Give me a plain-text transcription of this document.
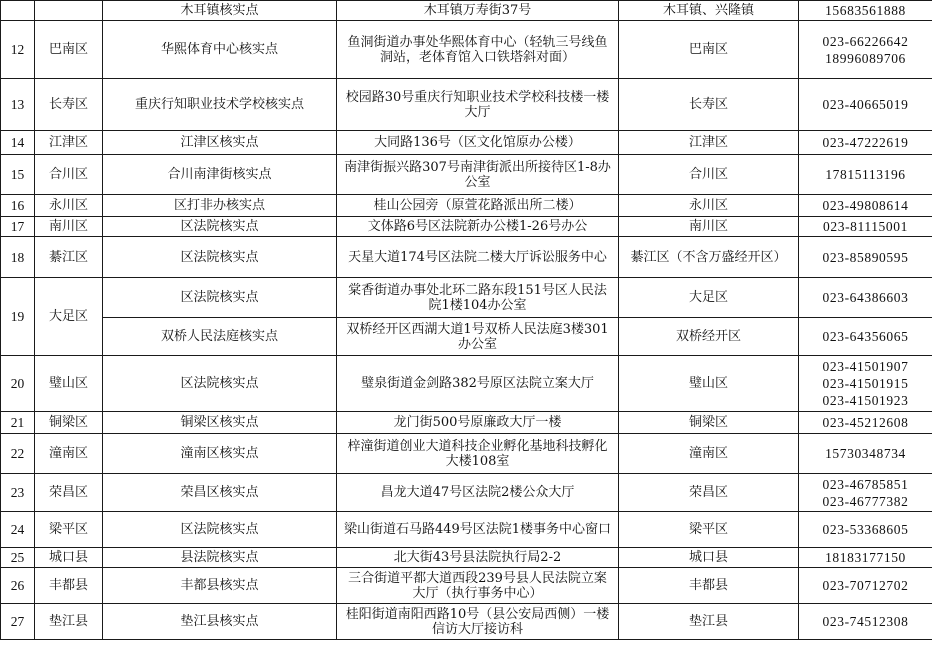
		木耳镇核实点	木耳镇万寿街37号	木耳镇、兴隆镇	15683561888

12	巴南区	华熙体育中心核实点	鱼洞街道办事处华熙体育中心（轻轨三号线鱼洞站，老体育馆入口铁塔斜对面）	巴南区	023-66226642
18996089706

13	长寿区	重庆行知职业技术学校核实点	校园路30号重庆行知职业技术学校科技楼一楼大厅	长寿区	023-40665019

14	江津区	江津区核实点	大同路136号（区文化馆原办公楼）	江津区	023-47222619

15	合川区	合川南津街核实点	南津街振兴路307号南津街派出所接待区1-8办公室	合川区	17815113196

16	永川区	区打非办核实点	桂山公园旁（原萱花路派出所二楼）	永川区	023-49808614

17	南川区	区法院核实点	文体路6号区法院新办公楼1-26号办公	南川区	023-81115001

18	綦江区	区法院核实点	天星大道174号区法院二楼大厅诉讼服务中心	綦江区（不含万盛经开区）	023-85890595

19	大足区	区法院核实点	棠香街道办事处北环二路东段151号区人民法院1楼104办公室	大足区	023-64386603

		双桥人民法庭核实点	双桥经开区西湖大道1号双桥人民法庭3楼301办公室	双桥经开区	023-64356065

20	璧山区	区法院核实点	璧泉街道金剑路382号原区法院立案大厅	璧山区	023-41501907
023-41501915
023-41501923

21	铜梁区	铜梁区核实点	龙门街500号原廉政大厅一楼	铜梁区	023-45212608

22	潼南区	潼南区核实点	梓潼街道创业大道科技企业孵化基地科技孵化大楼108室	潼南区	15730348734

23	荣昌区	荣昌区核实点	昌龙大道47号区法院2楼公众大厅	荣昌区	023-46785851
023-46777382

24	梁平区	区法院核实点	梁山街道石马路449号区法院1楼事务中心窗口	梁平区	023-53368605

25	城口县	县法院核实点	北大街43号县法院执行局2-2	城口县	18183177150

26	丰都县	丰都县核实点	三合街道平都大道西段239号县人民法院立案大厅（执行事务中心）	丰都县	023-70712702

27	垫江县	垫江县核实点	桂阳街道南阳西路10号（县公安局西侧）一楼信访大厅接访科	垫江县	023-74512308
